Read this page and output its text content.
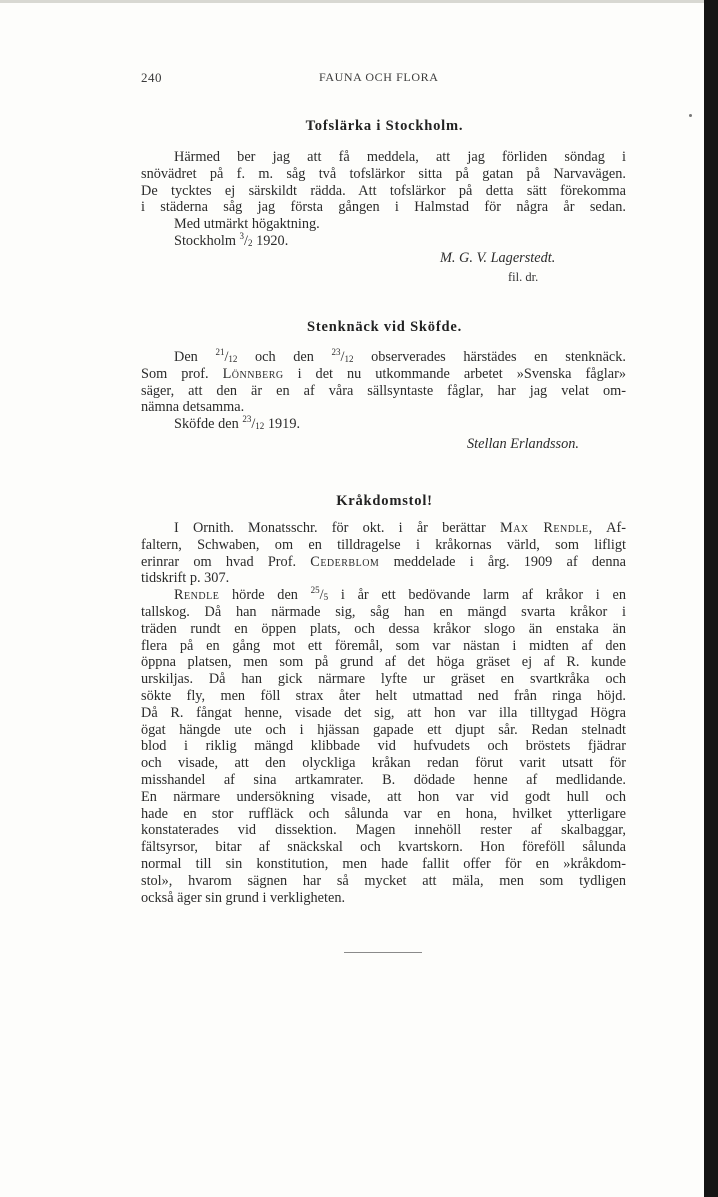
240	FAUNA OCH FLORA
Tofslärka i Stockholm.
Härmed ber jag att få meddela, att jag förliden söndag i
snövädret på f. m. såg två tofslärkor sitta på gatan på Narvavägen.
De tycktes ej särskildt rädda. Att tofslärkor på detta sätt förekomma
i städerna såg jag första gången i Halmstad för några år sedan.
Med utmärkt högaktning.
Stockholm $^3/_2$ 1920.
M. G. V. Lagerstedt.
fil. dr.
Stenknäck vid Sköfde.
Den $^{21}/_{12}$ och den $^{23}/_{12}$ observerades härstädes en stenknäck.
Som prof. Lönnberg i det nu utkommande arbetet »Svenska fåglar»
säger, att den är en af våra sällsyntaste fåglar, har jag velat om-
nämna detsamma.
Sköfde den $^{23}/_{12}$ 1919.
Stellan Erlandsson.
Kråkdomstol!
I Ornith. Monatsschr. för okt. i år berättar Max Rendle, Af-
faltern, Schwaben, om en tilldragelse i kråkornas värld, som lifligt
erinrar om hvad Prof. Cederblom meddelade i årg. 1909 af denna
tidskrift p. 307.
Rendle hörde den $^{25}/_5$ i år ett bedövande larm af kråkor i en
tallskog. Då han närmade sig, såg han en mängd svarta kråkor i
träden rundt en öppen plats, och dessa kråkor slogo än enstaka än
flera på en gång mot ett föremål, som var nästan i midten af den
öppna platsen, men som på grund af det höga gräset ej af R. kunde
urskiljas. Då han gick närmare lyfte ur gräset en svartkråka och
sökte fly, men föll strax åter helt utmattad ned från ringa höjd.
Då R. fångat henne, visade det sig, att hon var illa tilltygad Högra
ögat hängde ute och i hjässan gapade ett djupt sår. Redan stelnadt
blod i riklig mängd klibbade vid hufvudets och bröstets fjädrar
och visade, att den olyckliga kråkan redan förut varit utsatt för
misshandel af sina artkamrater. B. dödade henne af medlidande.
En närmare undersökning visade, att hon var vid godt hull och
hade en stor ruffläck och sålunda var en hona, hvilket ytterligare
konstaterades vid dissektion. Magen innehöll rester af skalbaggar,
fältsyrsor, bitar af snäckskal och kvartskorn. Hon föreföll sålunda
normal till sin konstitution, men hade fallit offer för en »kråkdom-
stol», hvarom sägnen har så mycket att mäla, men som tydligen
också äger sin grund i verkligheten.
